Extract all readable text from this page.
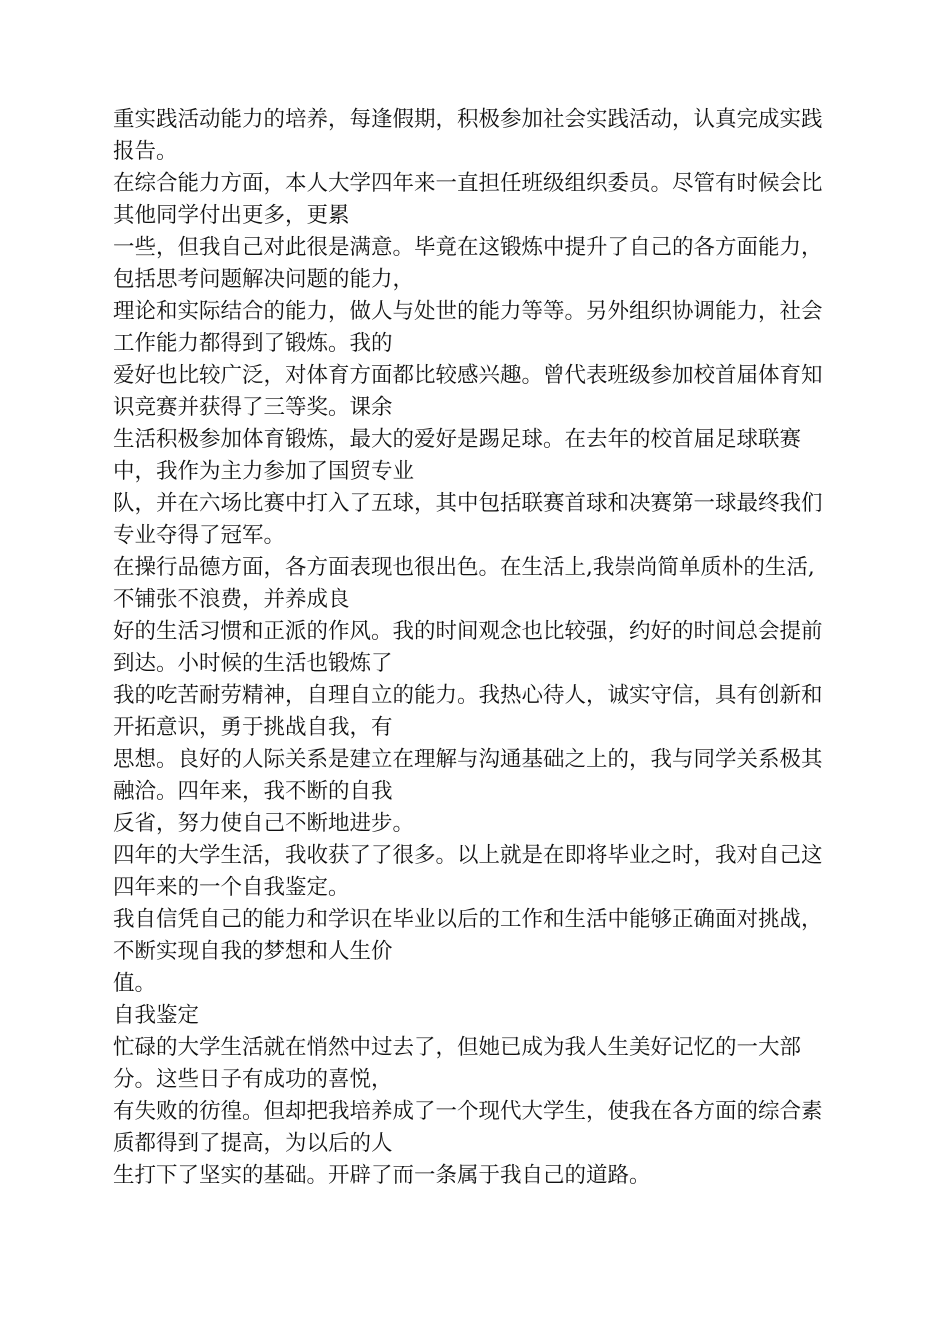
重实践活动能力的培养，每逢假期，积极参加社会实践活动，认真完成实践报告。

在综合能力方面，本人大学四年来一直担任班级组织委员。尽管有时候会比其他同学付出更多，更累

一些，但我自己对此很是满意。毕竟在这锻炼中提升了自己的各方面能力，包括思考问题解决问题的能力，

理论和实际结合的能力，做人与处世的能力等等。另外组织协调能力，社会工作能力都得到了锻炼。我的

爱好也比较广泛，对体育方面都比较感兴趣。曾代表班级参加校首届体育知识竞赛并获得了三等奖。课余

生活积极参加体育锻炼，最大的爱好是踢足球。在去年的校首届足球联赛中，我作为主力参加了国贸专业

队，并在六场比赛中打入了五球，其中包括联赛首球和决赛第一球最终我们专业夺得了冠军。

在操行品德方面，各方面表现也很出色。在生活上,我崇尚简单质朴的生活,不铺张不浪费，并养成良

好的生活习惯和正派的作风。我的时间观念也比较强，约好的时间总会提前到达。小时候的生活也锻炼了

我的吃苦耐劳精神，自理自立的能力。我热心待人，诚实守信，具有创新和开拓意识，勇于挑战自我，有

思想。良好的人际关系是建立在理解与沟通基础之上的，我与同学关系极其融洽。四年来，我不断的自我

反省，努力使自己不断地进步。

四年的大学生活，我收获了了很多。以上就是在即将毕业之时，我对自己这四年来的一个自我鉴定。

我自信凭自己的能力和学识在毕业以后的工作和生活中能够正确面对挑战，不断实现自我的梦想和人生价

值。

自我鉴定

忙碌的大学生活就在悄然中过去了，但她已成为我人生美好记忆的一大部分。这些日子有成功的喜悦，

有失败的彷徨。但却把我培养成了一个现代大学生，使我在各方面的综合素质都得到了提高，为以后的人

生打下了坚实的基础。开辟了而一条属于我自己的道路。
